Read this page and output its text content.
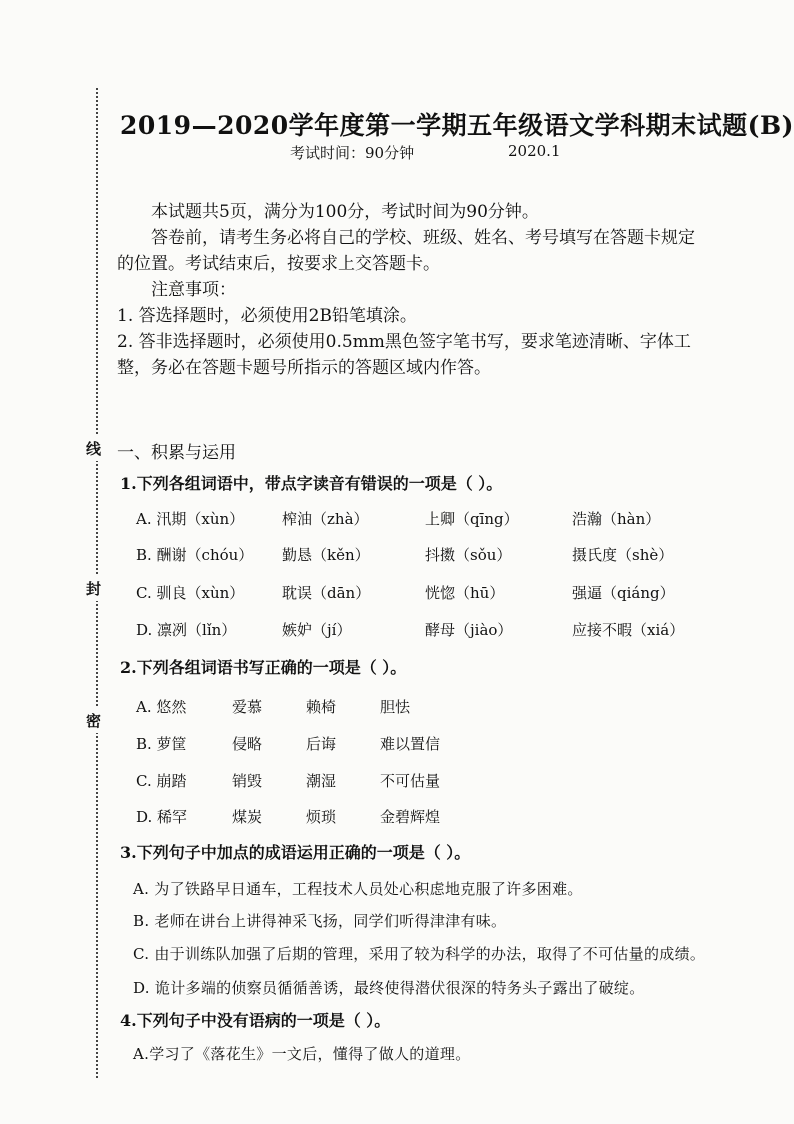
线
封
密
2019—2020学年度第一学期五年级语文学科期末试题(B)
考试时间：90分钟	2020.1

本试题共5页，满分为100分，考试时间为90分钟。

答卷前，请考生务必将自己的学校、班级、姓名、考号填写在答题卡规定

的位置。考试结束后，按要求上交答题卡。

注意事项：

1. 答选择题时，必须使用2B铅笔填涂。

2. 答非选择题时，必须使用0.5mm黑色签字笔书写，要求笔迹清晰、字体工

整，务必在答题卡题号所指示的答题区域内作答。

一、积累与运用
1.下列各组词语中，带点字读音有错误的一项是（ ）。
A. 汛期（xùn）	榨油（zhà）	上卿（qīng）	浩瀚（hàn）
B. 酬谢（chóu） 勤恳（kěn）	抖擞（sǒu）	摄氏度（shè）
C. 驯良（xùn）	耽误（dān）	恍惚（hū）	强逼（qiáng）
D. 凛冽（lǐn）	嫉妒（jí）	酵母（jiào）	应接不暇（xiá）
2.下列各组词语书写正确的一项是（ ）。
A. 悠然	爱慕	赖椅	胆怯
B. 萝筐	侵略	后诲	难以置信
C. 崩踏	销毁	潮湿	不可估量
D. 稀罕	煤炭	烦琐	金碧辉煌
3.下列句子中加点的成语运用正确的一项是（ ）。
A. 为了铁路早日通车，工程技术人员处心积虑地克服了许多困难。
B. 老师在讲台上讲得神采飞扬，同学们听得津津有味。
C. 由于训练队加强了后期的管理，采用了较为科学的办法，取得了不可估量的成绩。
D. 诡计多端的侦察员循循善诱，最终使得潜伏很深的特务头子露出了破绽。
4.下列句子中没有语病的一项是（ ）。
A.学习了《落花生》一文后，懂得了做人的道理。
